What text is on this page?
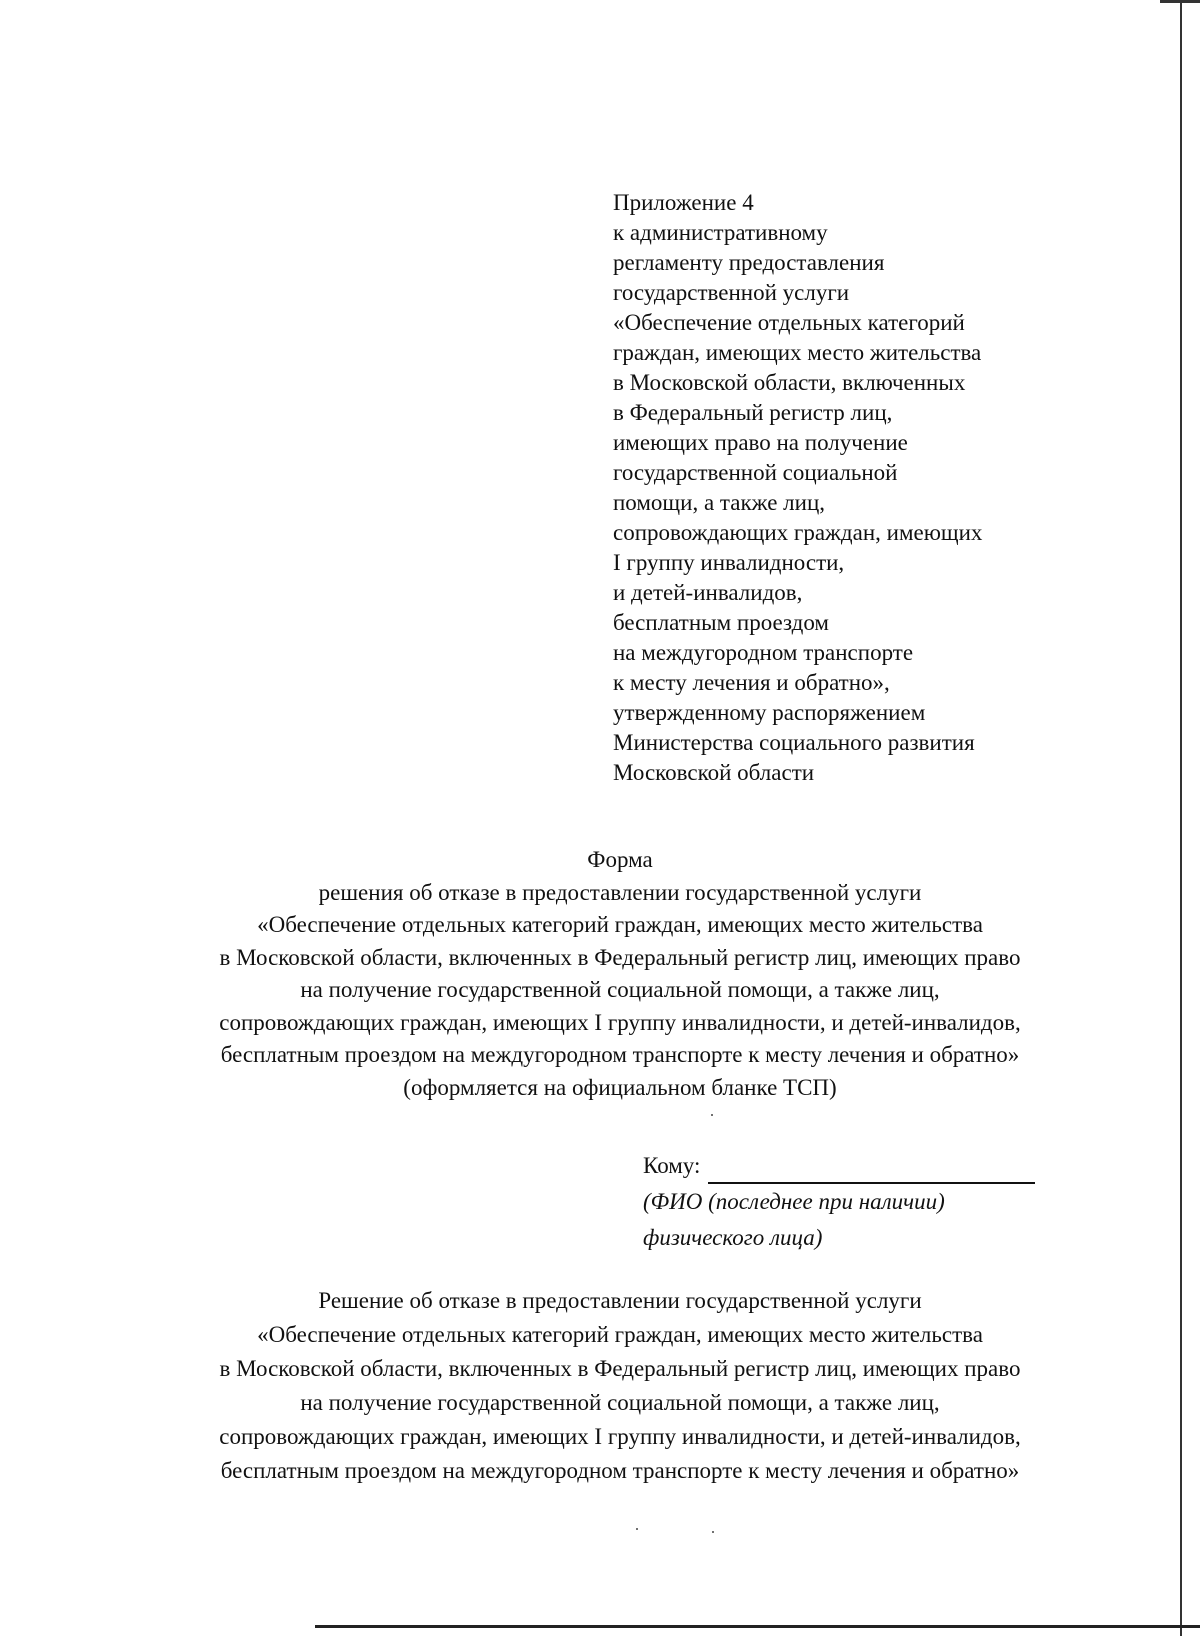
Приложение 4
к административному
регламенту предоставления
государственной услуги
«Обеспечение отдельных категорий
граждан, имеющих место жительства
в Московской области, включенных
в Федеральный регистр лиц,
имеющих право на получение
государственной социальной
помощи, а также лиц,
сопровождающих граждан, имеющих
I группу инвалидности,
и детей-инвалидов,
бесплатным проездом
на междугородном транспорте
к месту лечения и обратно»,
утвержденному распоряжением
Министерства социального развития
Московской области
Форма
решения об отказе в предоставлении государственной услуги
«Обеспечение отдельных категорий граждан, имеющих место жительства
в Московской области, включенных в Федеральный регистр лиц, имеющих право
на получение государственной социальной помощи, а также лиц,
сопровождающих граждан, имеющих I группу инвалидности, и детей-инвалидов,
бесплатным проездом на междугородном транспорте к месту лечения и обратно»
(оформляется на официальном бланке ТСП)
Кому:
(ФИО (последнее при наличии)
физического лица)
Решение об отказе в предоставлении государственной услуги
«Обеспечение отдельных категорий граждан, имеющих место жительства
в Московской области, включенных в Федеральный регистр лиц, имеющих право
на получение государственной социальной помощи, а также лиц,
сопровождающих граждан, имеющих I группу инвалидности, и детей-инвалидов,
бесплатным проездом на междугородном транспорте к месту лечения и обратно»
